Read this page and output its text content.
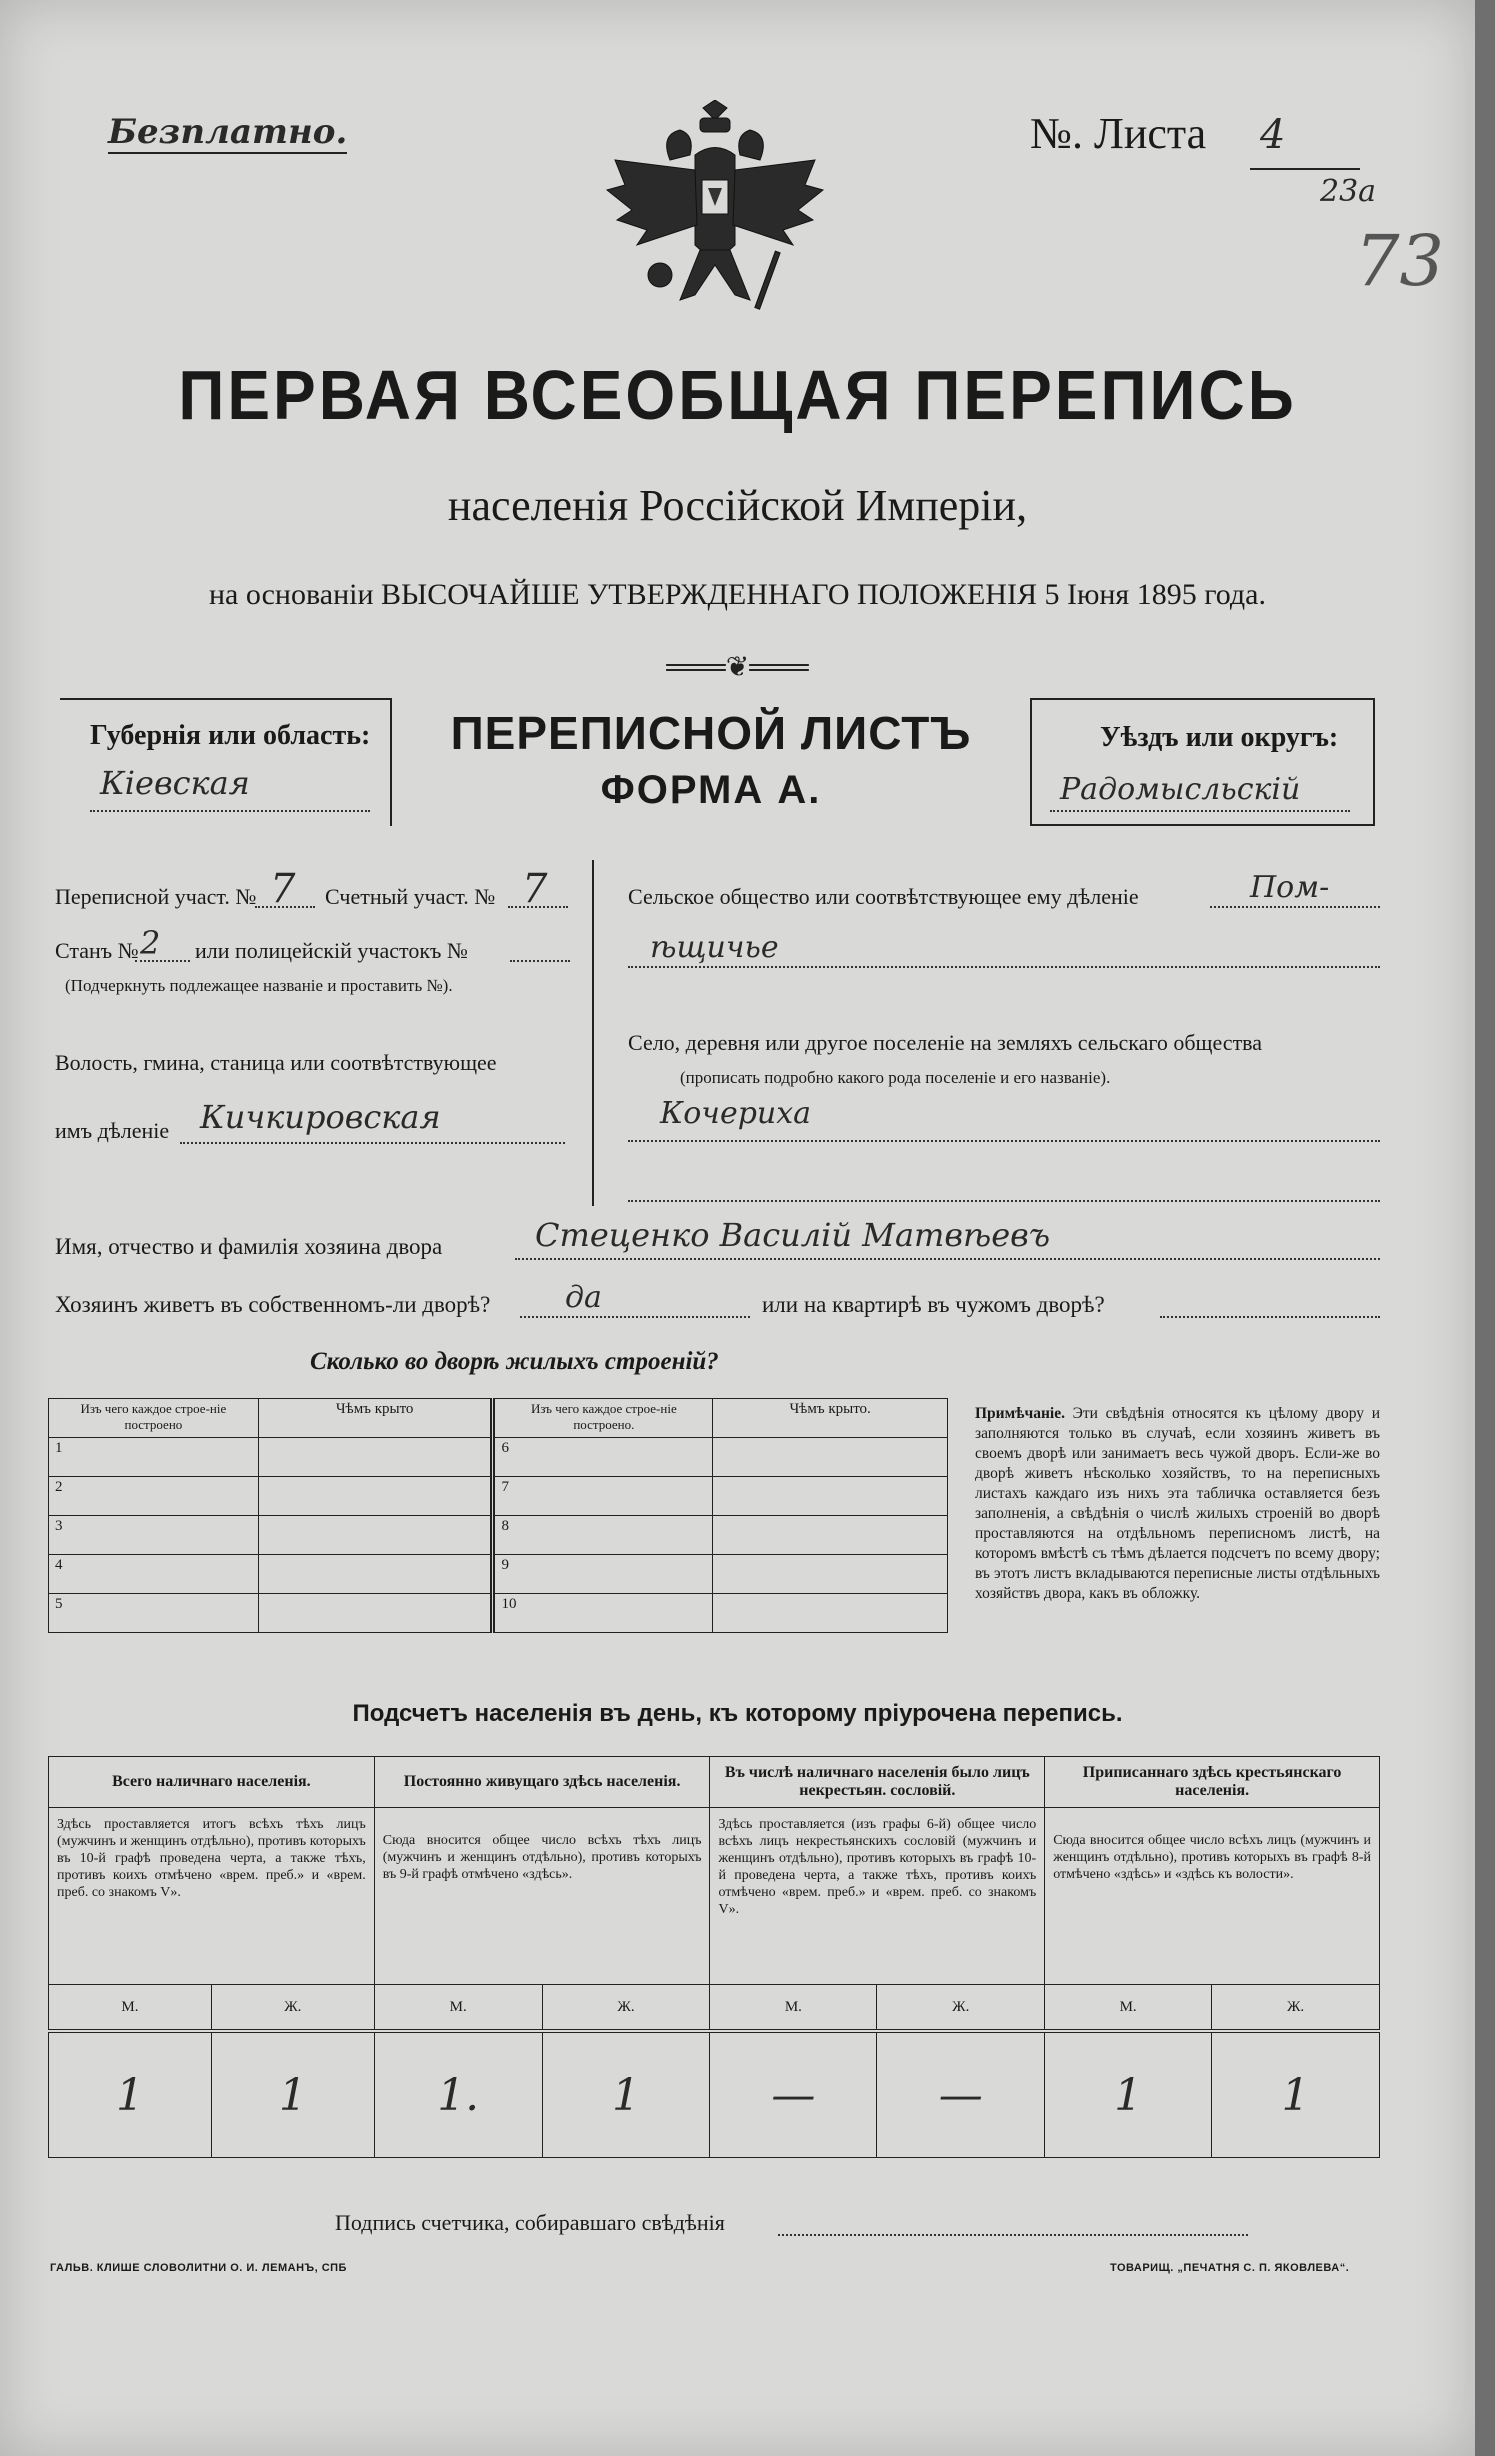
Безплатно.	№. Листа 4
23а
73
ПЕРВАЯ ВСЕОБЩАЯ ПЕРЕПИСЬ
населенія Россійской Имперіи,
на основаніи ВЫСОЧАЙШЕ УТВЕРЖДЕННАГО ПОЛОЖЕНІЯ 5 Іюня 1895 года.
═══❦═══
Губернія или область:
Кіевская
ПЕРЕПИСНОЙ ЛИСТЪ
ФОРМА А.
Уѣздъ или округъ:
Радомысльскій
Переписной участ. № 7 Счетный участ. № 7
Станъ № 2 или полицейскій участокъ №
(Подчеркнуть подлежащее названіе и проставить №).
Волость, гмина, станица или соотвѣтствующее
имъ дѣленіе Кичкировская
Сельское общество или соотвѣтствующее ему дѣленіе	Пом-
ѣщичье
Село, деревня или другое поселеніе на земляхъ сельскаго общества
(прописать подробно какого рода поселеніе и его названіе).
Кочериха
Имя, отчество и фамилія хозяина двора	Стеценко Василій Матвѣевъ
Хозяинъ живетъ въ собственномъ-ли дворѣ? да	или на квартирѣ въ чужомъ дворѣ?
Сколько во дворѣ жилыхъ строеній?
Изъ чего каждое строе-ніе построено	Чѣмъ крыто	Изъ чего каждое строе-ніе построено.	Чѣмъ крыто.
1		6	
2		7	
3		8	
4		9	
5		10	
Примѣчаніе. Эти свѣдѣнія относятся къ цѣлому двору и заполняются только въ случаѣ, если хозяинъ живетъ въ своемъ дворѣ или занимаетъ весь чужой дворъ. Если-же во дворѣ живетъ нѣсколько хозяйствъ, то на переписныхъ листахъ каждаго изъ нихъ эта табличка оставляется безъ заполненія, а свѣдѣнія о числѣ жилыхъ строеній во дворѣ проставляются на отдѣльномъ переписномъ листѣ, на которомъ вмѣстѣ съ тѣмъ дѣлается подсчетъ по всему двору; въ этотъ листъ вкладываются переписные листы отдѣльныхъ хозяйствъ двора, какъ въ обложку.
Подсчетъ населенія въ день, къ которому пріурочена перепись.
Всего наличнаго населенія.		Постоянно живущаго здѣсь населенія.		Въ числѣ наличнаго населенія было лицъ некрестьян. сословій.		Приписаннаго здѣсь крестьянскаго населенія.	
Здѣсь проставляется итогъ всѣхъ тѣхъ лицъ (мужчинъ и женщинъ отдѣльно), противъ которыхъ въ 10-й графѣ проведена черта, а также тѣхъ, противъ коихъ отмѣчено «врем. преб.» и «врем. преб. со знакомъ V».		Сюда вносится общее число всѣхъ тѣхъ лицъ (мужчинъ и женщинъ отдѣльно), противъ которыхъ въ 9-й графѣ отмѣчено «здѣсь».		Здѣсь проставляется (изъ графы 6-й) общее число всѣхъ лицъ некрестьянскихъ сословій (мужчинъ и женщинъ отдѣльно), противъ которыхъ въ графѣ 10-й проведена черта, а также тѣхъ, противъ коихъ отмѣчено «врем. преб.» и «врем. преб. со знакомъ V».		Сюда вносится общее число всѣхъ лицъ (мужчинъ и женщинъ отдѣльно), противъ которыхъ въ графѣ 8-й отмѣчено «здѣсь» и «здѣсь къ волости».	
М.	Ж.	М.	Ж.	М.	Ж.	М.	Ж.
1	1	1.	1	—	—	1	1
Подпись счетчика, собиравшаго свѣдѣнія
ГАЛЬВ. КЛИШЕ СЛОВОЛИТНИ О. И. ЛЕМАНЪ, СПБ	ТОВАРИЩ. „ПЕЧАТНЯ С. П. ЯКОВЛЕВА“.
